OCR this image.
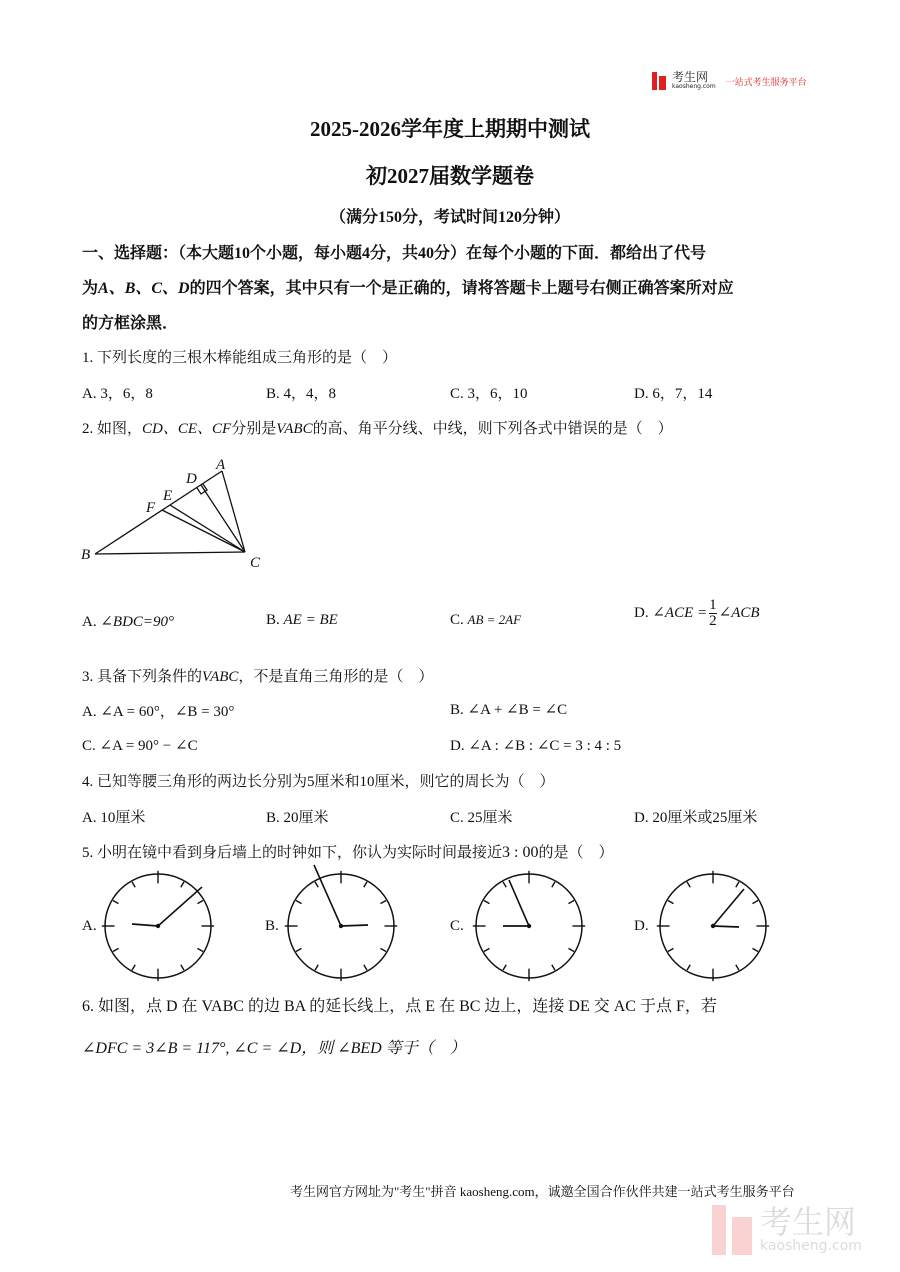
考生网
kaosheng.com 一站式考生服务平台
2025-2026学年度上期期中测试
初2027届数学题卷
（满分150分，考试时间120分钟）
一、选择题：（本大题10个小题，每小题4分，共40分）在每个小题的下面．都给出了代号
为A、B、C、D的四个答案，其中只有一个是正确的，请将答题卡上题号右侧正确答案所对应
的方框涂黑．
1. 下列长度的三根木棒能组成三角形的是（　）
A. 3，6，8	B. 4，4，8	C. 3，6，10	D. 6，7，14
2. 如图，CD、CE、CF分别是VABC的高、角平分线、中线，则下列各式中错误的是（　）
A
B	C
D
E
F
A. ∠BDC=90°	B. AE = BE	C. AB = 2AF	D. ∠ACE = $\frac{1}{2}$ ∠ACB
3. 具备下列条件的VABC，不是直角三角形的是（　）
A. ∠A = 60°，∠B = 30°	B. ∠A + ∠B = ∠C
C. ∠A = 90° − ∠C	D. ∠A : ∠B : ∠C = 3 : 4 : 5
4. 已知等腰三角形的两边长分别为5厘米和10厘米，则它的周长为（　）
A. 10厘米	B. 20厘米	C. 25厘米	D. 20厘米或25厘米
5. 小明在镜中看到身后墙上的时钟如下，你认为实际时间最接近3 : 00的是（　）
A.	B.	C.	D.
6. 如图，点 D 在 VABC 的边 BA 的延长线上，点 E 在 BC 边上，连接 DE 交 AC 于点 F，若
∠DFC = 3∠B = 117°, ∠C = ∠D，则 ∠BED 等于（　）
考生网官方网址为"考生"拼音 kaosheng.com，诚邀全国合作伙伴共建一站式考生服务平台
考生网
kaosheng.com
